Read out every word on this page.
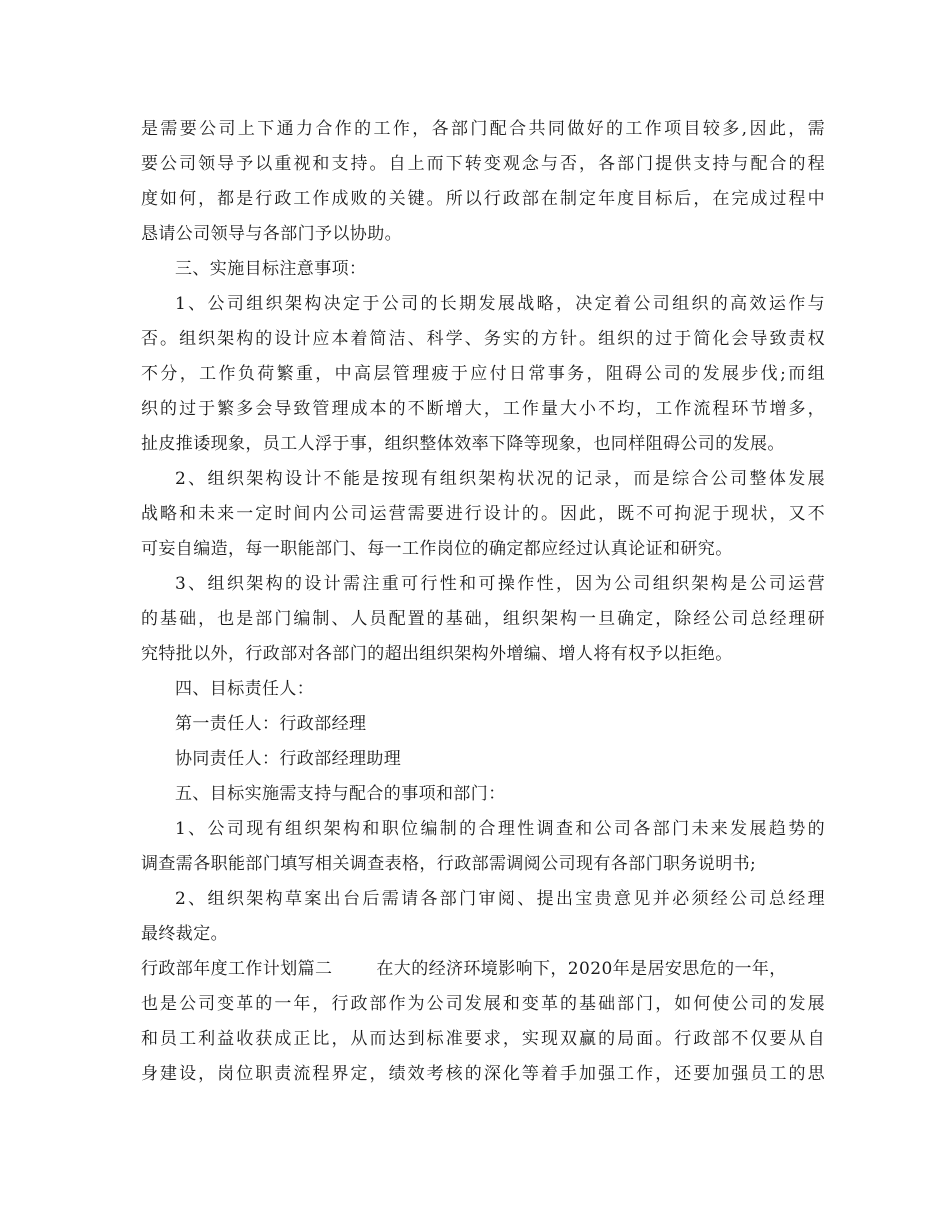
是需要公司上下通力合作的工作，各部门配合共同做好的工作项目较多,因此，需
要公司领导予以重视和支持。自上而下转变观念与否，各部门提供支持与配合的程
度如何，都是行政工作成败的关键。所以行政部在制定年度目标后，在完成过程中
恳请公司领导与各部门予以协助。
三、实施目标注意事项：
1、公司组织架构决定于公司的长期发展战略，决定着公司组织的高效运作与
否。组织架构的设计应本着简洁、科学、务实的方针。组织的过于简化会导致责权
不分，工作负荷繁重，中高层管理疲于应付日常事务，阻碍公司的发展步伐;而组
织的过于繁多会导致管理成本的不断增大，工作量大小不均，工作流程环节增多，
扯皮推诿现象，员工人浮于事，组织整体效率下降等现象，也同样阻碍公司的发展。
2、组织架构设计不能是按现有组织架构状况的记录，而是综合公司整体发展
战略和未来一定时间内公司运营需要进行设计的。因此，既不可拘泥于现状，又不
可妄自编造，每一职能部门、每一工作岗位的确定都应经过认真论证和研究。
3、组织架构的设计需注重可行性和可操作性，因为公司组织架构是公司运营
的基础，也是部门编制、人员配置的基础，组织架构一旦确定，除经公司总经理研
究特批以外，行政部对各部门的超出组织架构外增编、增人将有权予以拒绝。
四、目标责任人：
第一责任人：行政部经理
协同责任人：行政部经理助理
五、目标实施需支持与配合的事项和部门：
1、公司现有组织架构和职位编制的合理性调查和公司各部门未来发展趋势的
调查需各职能部门填写相关调查表格，行政部需调阅公司现有各部门职务说明书;
2、组织架构草案出台后需请各部门审阅、提出宝贵意见并必须经公司总经理
最终裁定。
行政部年度工作计划篇二	在大的经济环境影响下，2020年是居安思危的一年，
也是公司变革的一年，行政部作为公司发展和变革的基础部门，如何使公司的发展
和员工利益收获成正比，从而达到标准要求，实现双赢的局面。行政部不仅要从自
身建设，岗位职责流程界定，绩效考核的深化等着手加强工作，还要加强员工的思
